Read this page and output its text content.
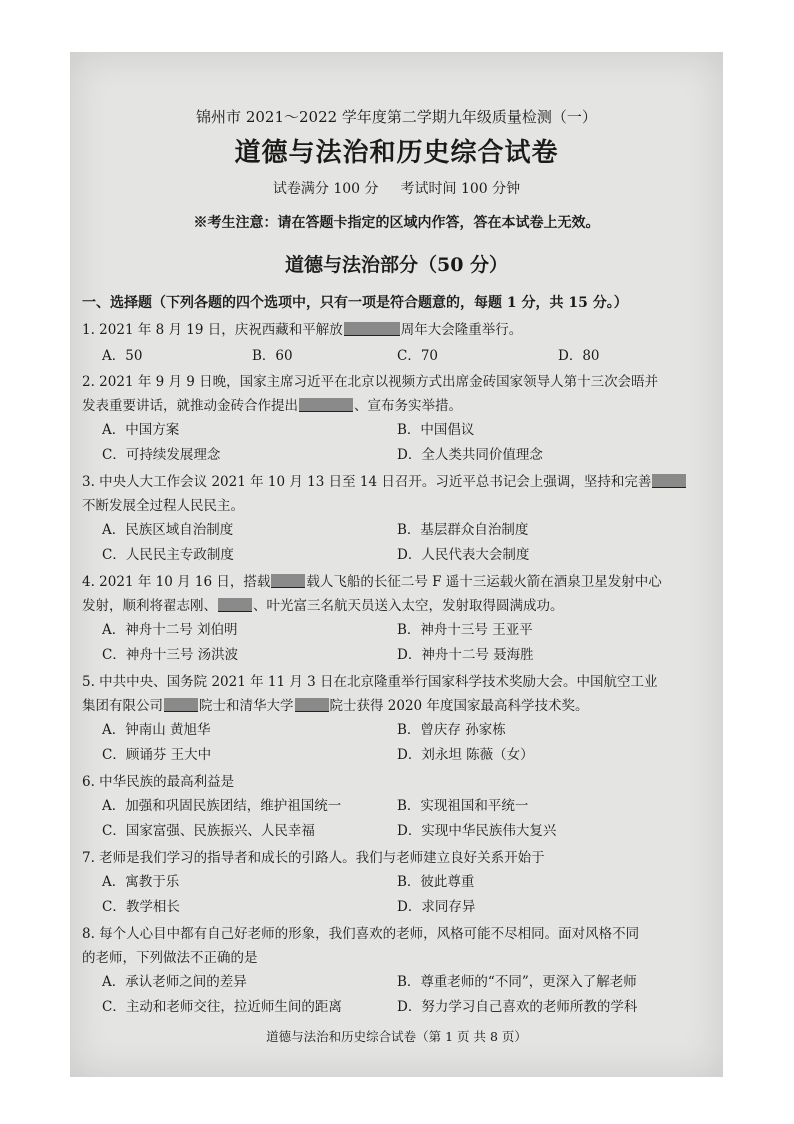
锦州市 2021～2022 学年度第二学期九年级质量检测（一）
道德与法治和历史综合试卷
试卷满分 100 分 考试时间 100 分钟
※考生注意：请在答题卡指定的区域内作答，答在本试卷上无效。
道德与法治部分（50 分）
一、选择题（下列各题的四个选项中，只有一项是符合题意的，每题 1 分，共 15 分。）
1. 2021 年 8 月 19 日，庆祝西藏和平解放	周年大会隆重举行。
A．50	B．60	C．70	D．80
2. 2021 年 9 月 9 日晚，国家主席习近平在北京以视频方式出席金砖国家领导人第十三次会晤并
发表重要讲话，就推动金砖合作提出	、宣布务实举措。
A．中国方案	B．中国倡议
C．可持续发展理念	D．全人类共同价值理念
3. 中央人大工作会议 2021 年 10 月 13 日至 14 日召开。习近平总书记会上强调，坚持和完善
不断发展全过程人民民主。
A．民族区域自治制度	B．基层群众自治制度
C．人民民主专政制度	D．人民代表大会制度
4. 2021 年 10 月 16 日，搭载	载人飞船的长征二号 F 遥十三运载火箭在酒泉卫星发射中心
发射，顺利将翟志刚、	、叶光富三名航天员送入太空，发射取得圆满成功。
A．神舟十二号 刘伯明	B．神舟十三号 王亚平
C．神舟十三号 汤洪波	D．神舟十二号 聂海胜
5. 中共中央、国务院 2021 年 11 月 3 日在北京隆重举行国家科学技术奖励大会。中国航空工业
集团有限公司	院士和清华大学	院士获得 2020 年度国家最高科学技术奖。
A．钟南山 黄旭华	B．曾庆存 孙家栋
C．顾诵芬 王大中	D．刘永坦 陈薇（女）
6. 中华民族的最高利益是
A．加强和巩固民族团结，维护祖国统一	B．实现祖国和平统一
C．国家富强、民族振兴、人民幸福	D．实现中华民族伟大复兴
7. 老师是我们学习的指导者和成长的引路人。我们与老师建立良好关系开始于
A．寓教于乐	B．彼此尊重
C．教学相长	D．求同存异
8. 每个人心目中都有自己好老师的形象，我们喜欢的老师，风格可能不尽相同。面对风格不同
的老师，下列做法不正确的是
A．承认老师之间的差异	B．尊重老师的“不同”，更深入了解老师
C．主动和老师交往，拉近师生间的距离	D．努力学习自己喜欢的老师所教的学科
道德与法治和历史综合试卷（第 1 页 共 8 页）
